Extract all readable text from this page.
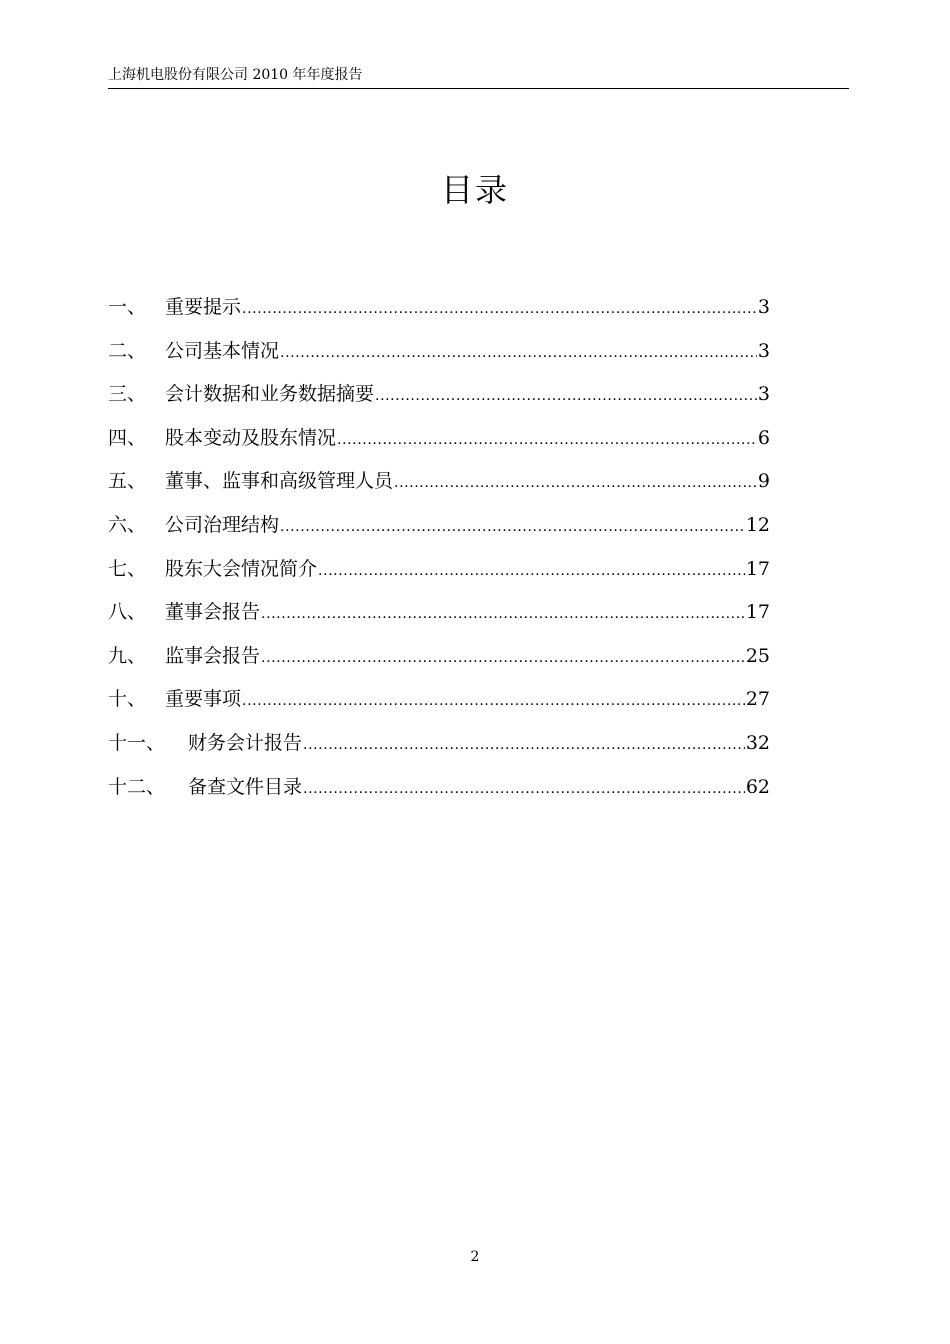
上海机电股份有限公司 2010 年年度报告
目录
一、 重要提示 .....	3
二、 公司基本情况 .....	3
三、 会计数据和业务数据摘要 .....	3
四、 股本变动及股东情况 .....	6
五、 董事、监事和高级管理人员 .....	9
六、 公司治理结构 .....	12
七、 股东大会情况简介 .....	17
八、 董事会报告 .....	17
九、 监事会报告 .....	25
十、 重要事项 .....	27
十一、	财务会计报告 .....	32
十二、	备查文件目录 .....	62
2
